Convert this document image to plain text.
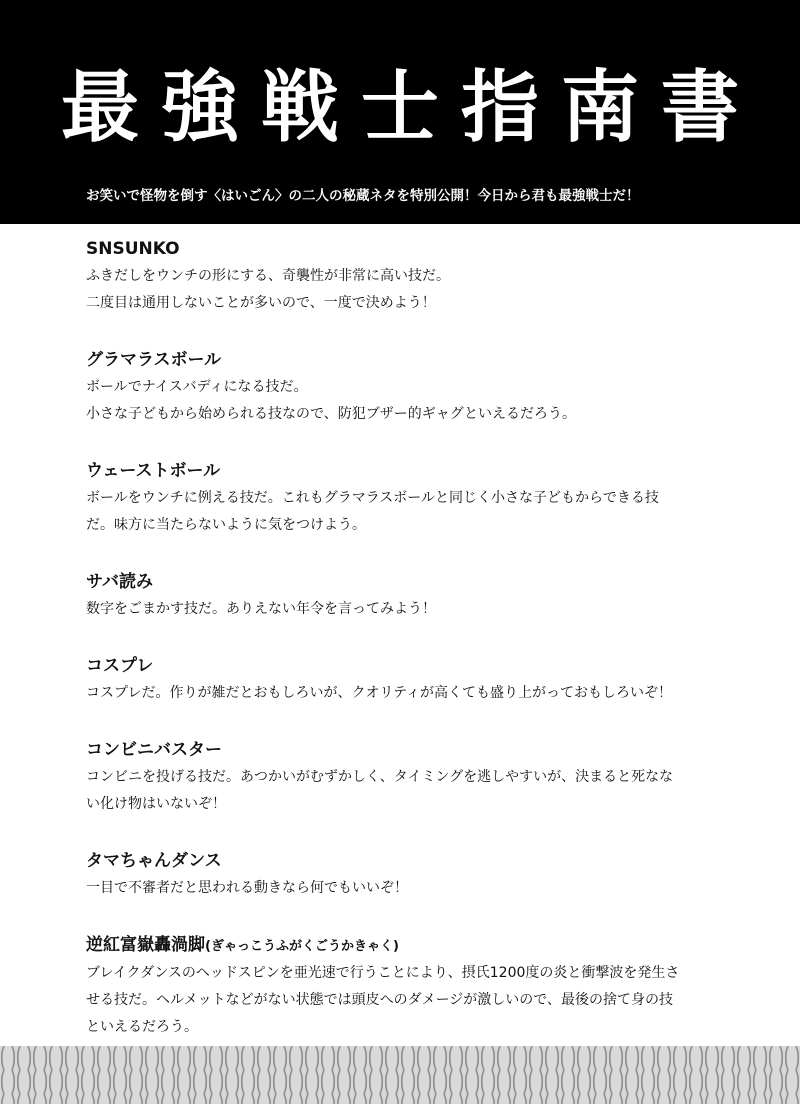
最強戦士指南書
お笑いで怪物を倒す〈はいごん〉の二人の秘蔵ネタを特別公開！今日から君も最強戦士だ！
SNSUNKO
ふきだしをウンチの形にする、奇襲性が非常に高い技だ。
二度目は通用しないことが多いので、一度で決めよう！
グラマラスボール
ボールでナイスバディになる技だ。
小さな子どもから始められる技なので、防犯ブザー的ギャグといえるだろう。
ウェーストボール
ボールをウンチに例える技だ。これもグラマラスボールと同じく小さな子どもからできる技
だ。味方に当たらないように気をつけよう。
サバ読み
数字をごまかす技だ。ありえない年令を言ってみよう！
コスプレ
コスプレだ。作りが雑だとおもしろいが、クオリティが高くても盛り上がっておもしろいぞ！
コンビニバスター
コンビニを投げる技だ。あつかいがむずかしく、タイミングを逃しやすいが、決まると死なな
い化け物はいないぞ！
タマちゃんダンス
一目で不審者だと思われる動きなら何でもいいぞ！
逆紅富嶽轟渦脚(ぎゃっこうふがくごうかきゃく)
ブレイクダンスのヘッドスピンを亜光速で行うことにより、摂氏1200度の炎と衝撃波を発生さ
せる技だ。ヘルメットなどがない状態では頭皮へのダメージが激しいので、最後の捨て身の技
といえるだろう。
